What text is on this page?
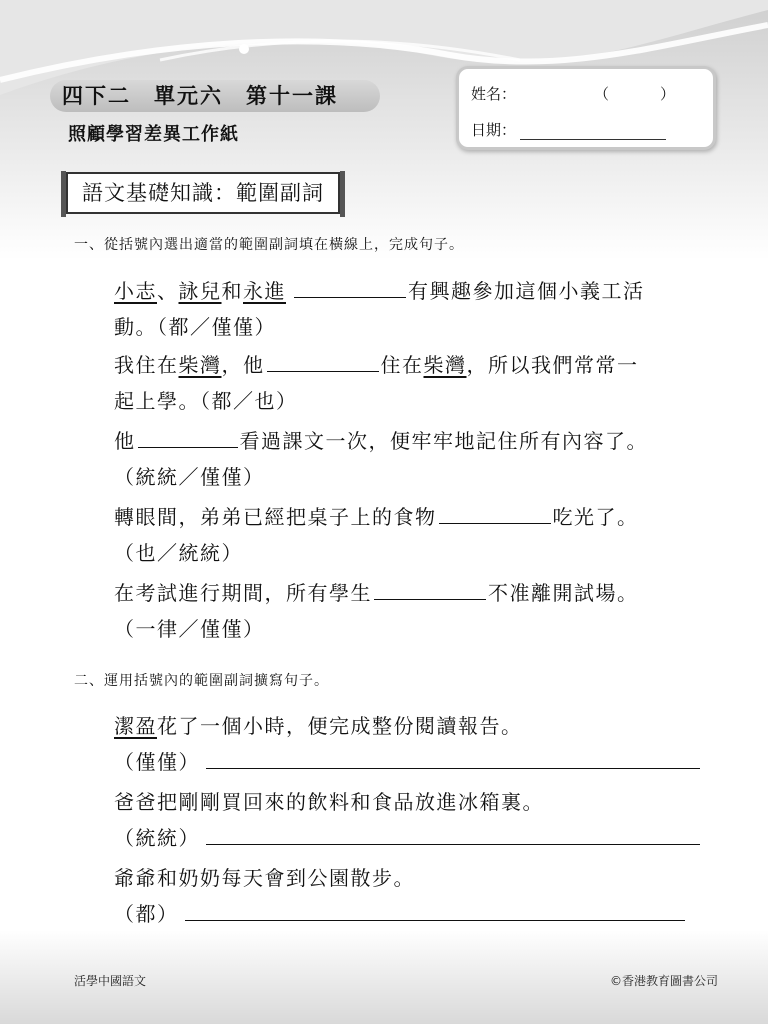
四下二　單元六　第十一課
照顧學習差異工作紙
姓名：	（　）
日期：
語文基礎知識：範圍副詞
一、從括號內選出適當的範圍副詞填在橫線上，完成句子。
小志、詠兒和永進	有興趣參加這個小義工活
動。（都／僅僅）
我住在柴灣，他	住在柴灣，所以我們常常一
起上學。（都／也）
他	看過課文一次，便牢牢地記住所有內容了。
（統統／僅僅）
轉眼間，弟弟已經把桌子上的食物	吃光了。
（也／統統）
在考試進行期間，所有學生	不准離開試場。
（一律／僅僅）
二、運用括號內的範圍副詞擴寫句子。
潔盈花了一個小時，便完成整份閱讀報告。
（僅僅）
爸爸把剛剛買回來的飲料和食品放進冰箱裏。
（統統）
爺爺和奶奶每天會到公園散步。
（都）
活學中國語文	©香港教育圖書公司
